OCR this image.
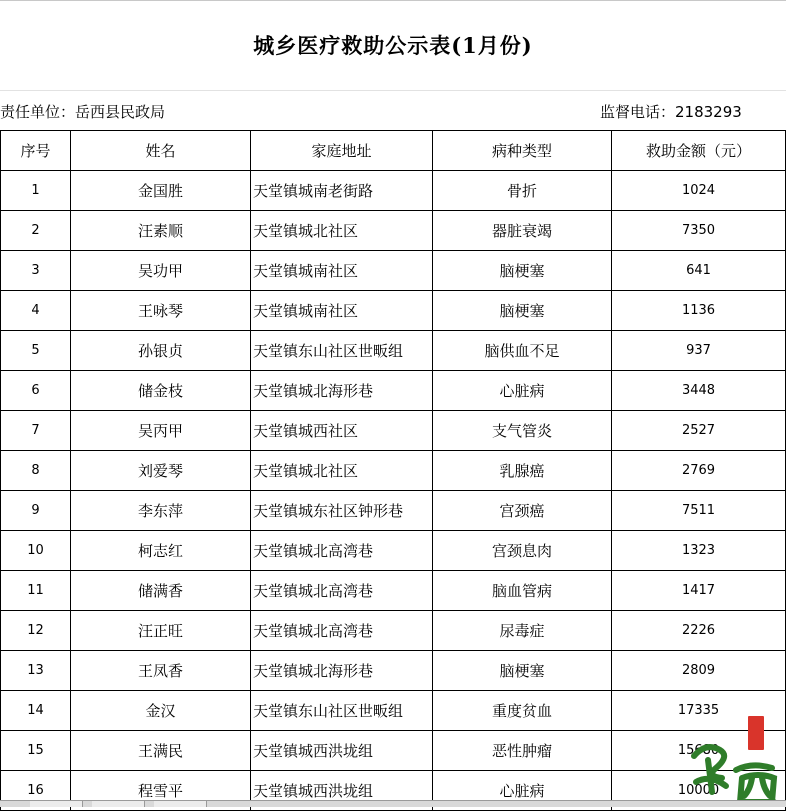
城乡医疗救助公示表(1月份)
责任单位：岳西县民政局	监督电话：2183293
序号	姓名	家庭地址	病种类型	救助金额（元）
1	金国胜	天堂镇城南老街路	骨折	1024
2	汪素顺	天堂镇城北社区	器脏衰竭	7350
3	吴功甲	天堂镇城南社区	脑梗塞	641
4	王咏琴	天堂镇城南社区	脑梗塞	1136
5	孙银贞	天堂镇东山社区世畈组	脑供血不足	937
6	储金枝	天堂镇城北海形巷	心脏病	3448
7	吴丙甲	天堂镇城西社区	支气管炎	2527
8	刘爱琴	天堂镇城北社区	乳腺癌	2769
9	李东萍	天堂镇城东社区钟形巷	宫颈癌	7511
10	柯志红	天堂镇城北高湾巷	宫颈息肉	1323
11	储满香	天堂镇城北高湾巷	脑血管病	1417
12	汪正旺	天堂镇城北高湾巷	尿毒症	2226
13	王凤香	天堂镇城北海形巷	脑梗塞	2809
14	金汉	天堂镇东山社区世畈组	重度贫血	17335
15	王满民	天堂镇城西洪垅组	恶性肿瘤	15680
16	程雪平	天堂镇城西洪垅组	心脏病	10000
